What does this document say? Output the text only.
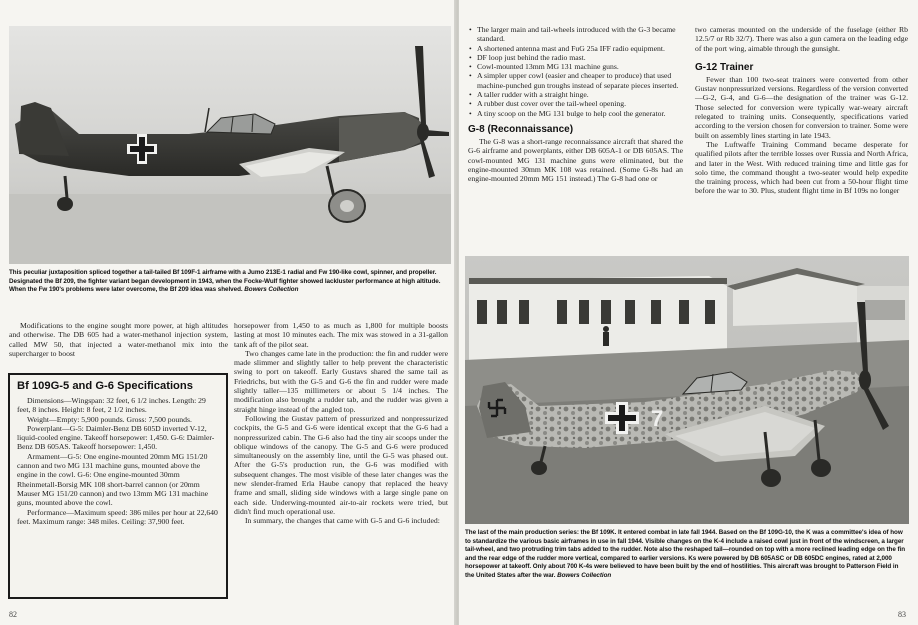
This peculiar juxtaposition spliced together a tail-tailed Bf 109F-1 airframe with a Jumo 213E-1 radial and Fw 190-like cowl, spinner, and propeller. Designated the Bf 209, the fighter variant began development in 1943, when the Focke-Wulf fighter showed lackluster performance at high altitude. When the Fw 190's problems were later overcome, the Bf 209 idea was shelved. Bowers Collection

Modifications to the engine sought more power, at high altitudes and otherwise. The DB 605 had a water-methanol injection system, called MW 50, that injected a water-methanol mix into the supercharger to boost

Bf 109G-5 and G-6 Specifications

Dimensions—Wingspan: 32 feet, 6 1/2 inches. Length: 29 feet, 8 inches. Height: 8 feet, 2 1/2 inches.

Weight—Empty: 5,900 pounds. Gross: 7,500 pounds.

Powerplant—G-5: Daimler-Benz DB 605D inverted V-12, liquid-cooled engine. Takeoff horsepower: 1,450. G-6: Daimler-Benz DB 605AS. Takeoff horsepower: 1,450.

Armament—G-5: One engine-mounted 20mm MG 151/20 cannon and two MG 131 machine guns, mounted above the engine in the cowl. G-6: One engine-mounted 30mm Rheinmetall-Borsig MK 108 short-barrel cannon (or 20mm Mauser MG 151/20 cannon) and two 13mm MG 131 machine guns, mounted above the cowl.

Performance—Maximum speed: 386 miles per hour at 22,640 feet. Maximum range: 348 miles. Ceiling: 37,900 feet.

horsepower from 1,450 to as much as 1,800 for multiple boosts lasting at most 10 minutes each. The mix was stowed in a 31-gallon tank aft of the pilot seat.

Two changes came late in the production: the fin and rudder were made slimmer and slightly taller to help prevent the characteristic swing to port on takeoff. Early Gustavs shared the same tail as Friedrichs, but with the G-5 and G-6 the fin and rudder were made slightly taller—135 millimeters or about 5 1/4 inches. The modification also brought a rudder tab, and the rudder was given a straight hinge instead of the angled top.

Following the Gustav pattern of pressurized and nonpressurized cockpits, the G-5 and G-6 were identical except that the G-6 had a nonpressurized cabin. The G-6 also had the tiny air scoops under the oblique windows of the canopy. The G-5 and G-6 were produced simultaneously on the assembly line, until the G-5 was phased out. After the G-5's production run, the G-6 was modified with subsequent changes. The most visible of these later changes was the new slender-framed Erla Haube canopy that replaced the heavy frame and small, sliding side windows with a large single pane on each side. Underwing-mounted air-to-air rockets were tried, but didn't find much operational use.

In summary, the changes that came with G-5 and G-6 included:

82
• The larger main and tail-wheels introduced with the G-3 became standard.
• A shortened antenna mast and FuG 25a IFF radio equipment.
• DF loop just behind the radio mast.
• Cowl-mounted 13mm MG 131 machine guns.
• A simpler upper cowl (easier and cheaper to produce) that used machine-punched gun troughs instead of separate pieces inserted.
• A taller rudder with a straight hinge.
• A rubber dust cover over the tail-wheel opening.
• A tiny scoop on the MG 131 bulge to help cool the generator.
G-8 (Reconnaissance)

The G-8 was a short-range reconnaissance aircraft that shared the G-6 airframe and powerplants, either DB 605A-1 or DB 605AS. The cowl-mounted MG 131 machine guns were eliminated, but the engine-mounted 30mm MK 108 was retained. (Some G-8s had an engine-mounted 20mm MG 151 instead.) The G-8 had one or

two cameras mounted on the underside of the fuselage (either Rb 12.5/7 or Rb 32/7). There was also a gun camera on the leading edge of the port wing, aimable through the gunsight.

G-12 Trainer

Fewer than 100 two-seat trainers were converted from other Gustav nonpressurized versions. Regardless of the version converted—G-2, G-4, and G-6—the designation of the trainer was G-12. Those selected for conversion were typically war-weary aircraft relegated to training units. Consequently, specifications varied according to the version chosen for conversion to trainer. Some were built on assembly lines starting in late 1943.

The Luftwaffe Training Command became desperate for qualified pilots after the terrible losses over Russia and North Africa, and later in the West. With reduced training time and little gas for solo time, the command thought a two-seater would help expedite the training process, which had been cut from a 50-hour flight time before the war to 30. Plus, student flight time in Bf 109s no longer

7
The last of the main production series: the Bf 109K. It entered combat in late fall 1944. Based on the Bf 109G-10, the K was a committee's idea of how to standardize the various basic airframes in use in fall 1944. Visible changes on the K-4 include a raised cowl just in front of the windscreen, a larger tail-wheel, and two protruding trim tabs added to the rudder. Note also the reshaped tail—rounded on top with a more reclined leading edge on the fin and the rear edge of the rudder more vertical, compared to earlier versions. Ks were powered by DB 605ASC or DB 605DC engines, rated at 2,000 horsepower at takeoff. Only about 700 K-4s were believed to have been built by the end of hostilities. This aircraft was brought to Patterson Field in the United States after the war. Bowers Collection
83
